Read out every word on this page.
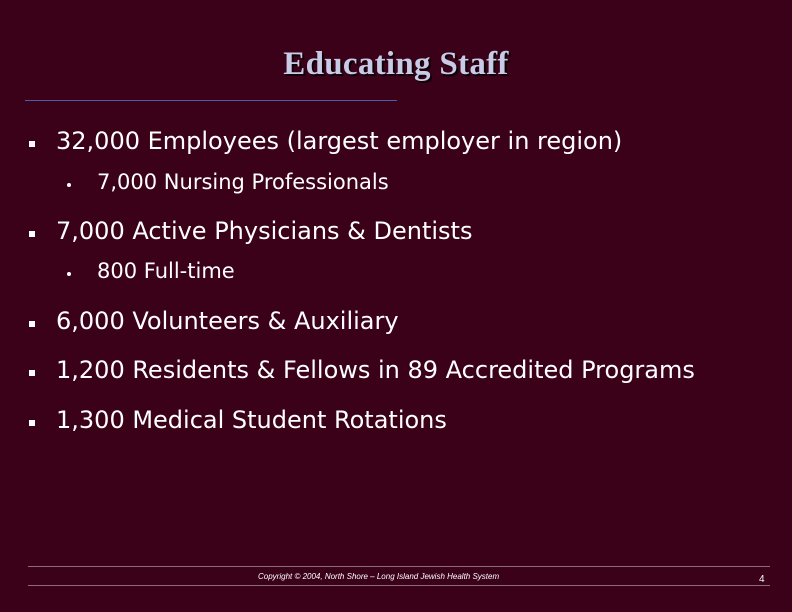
Educating Staff
32,000 Employees (largest employer in region)
7,000 Nursing Professionals
7,000 Active Physicians & Dentists
800 Full-time
6,000 Volunteers & Auxiliary
1,200 Residents & Fellows in 89 Accredited Programs
1,300 Medical Student Rotations
Copyright © 2004, North Shore – Long Island Jewish Health System	4
